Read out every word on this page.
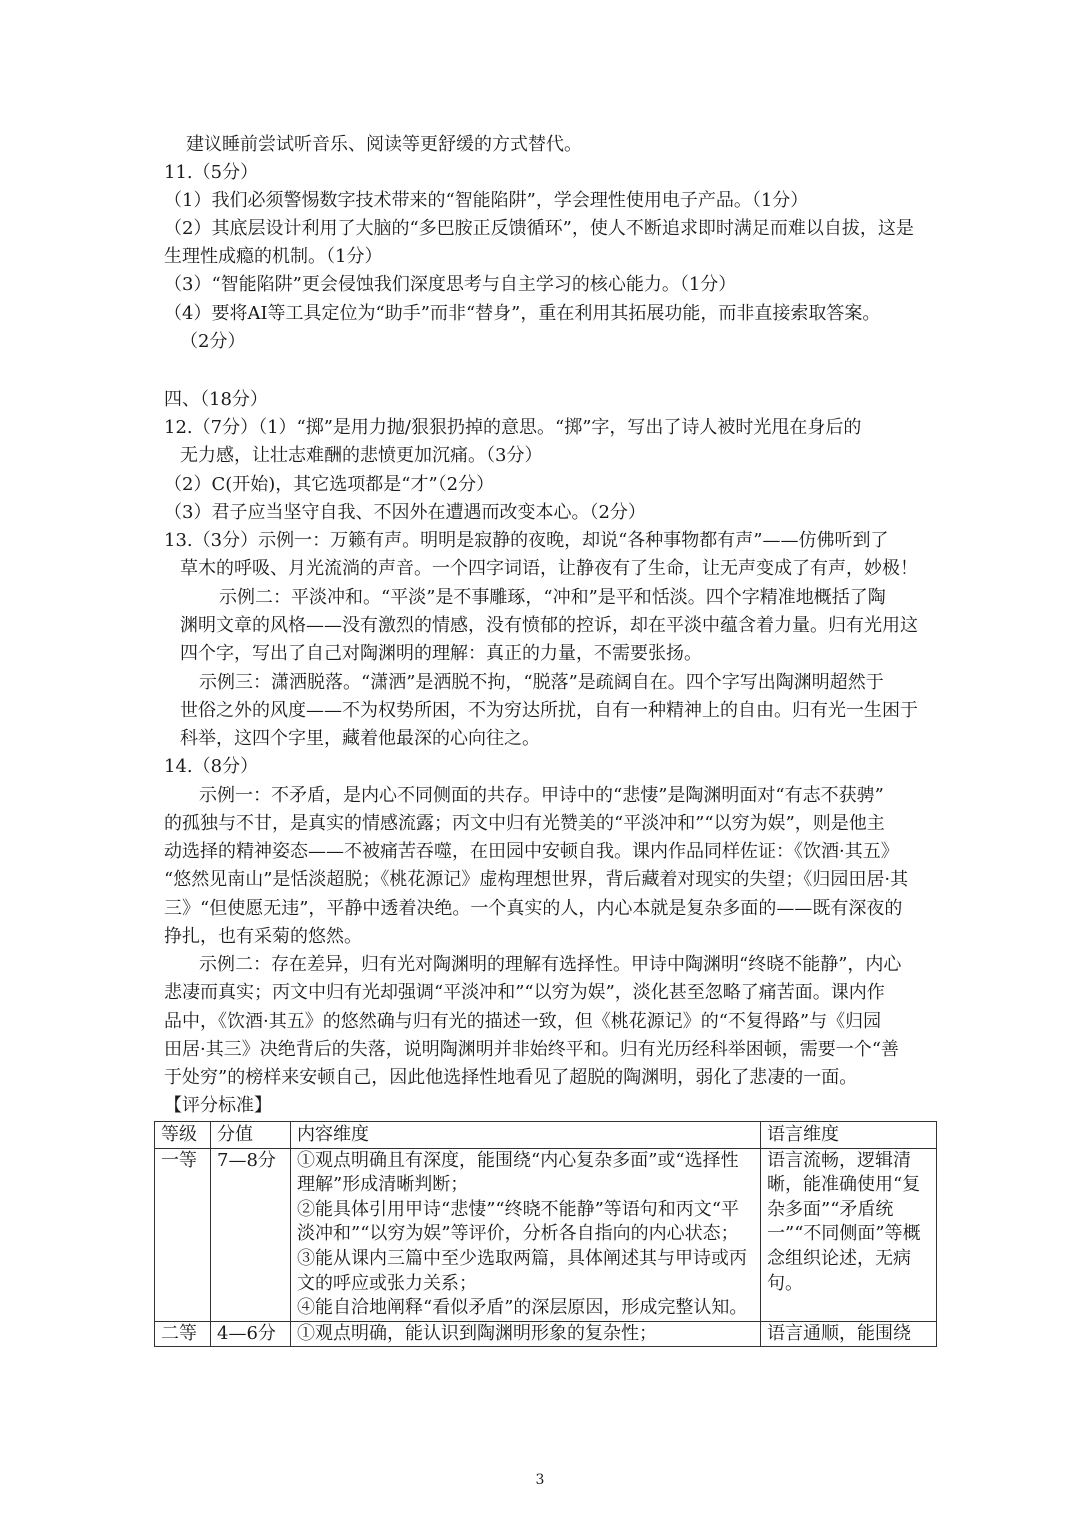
建议睡前尝试听音乐、阅读等更舒缓的方式替代。
11.（5分）
（1）我们必须警惕数字技术带来的“智能陷阱”，学会理性使用电子产品。（1分）
（2）其底层设计利用了大脑的“多巴胺正反馈循环”，使人不断追求即时满足而难以自拔，这是
生理性成瘾的机制。（1分）
（3）“智能陷阱”更会侵蚀我们深度思考与自主学习的核心能力。（1分）
（4）要将AI等工具定位为“助手”而非“替身”，重在利用其拓展功能，而非直接索取答案。
（2分）
四、（18分）
12.（7分）（1）“掷”是用力抛/狠狠扔掉的意思。“掷”字，写出了诗人被时光甩在身后的
无力感，让壮志难酬的悲愤更加沉痛。（3分）
（2）C(开始)，其它选项都是“才”（2分）
（3）君子应当坚守自我、不因外在遭遇而改变本心。（2分）
13.（3分）示例一：万籁有声。明明是寂静的夜晚，却说“各种事物都有声”——仿佛听到了
草木的呼吸、月光流淌的声音。一个四字词语，让静夜有了生命，让无声变成了有声，妙极！
示例二：平淡冲和。“平淡”是不事雕琢，“冲和”是平和恬淡。四个字精准地概括了陶
渊明文章的风格——没有激烈的情感，没有愤郁的控诉，却在平淡中蕴含着力量。归有光用这
四个字，写出了自己对陶渊明的理解：真正的力量，不需要张扬。
示例三：潇洒脱落。“潇洒”是洒脱不拘，“脱落”是疏阔自在。四个字写出陶渊明超然于
世俗之外的风度——不为权势所困，不为穷达所扰，自有一种精神上的自由。归有光一生困于
科举，这四个字里，藏着他最深的心向往之。
14.（8分）
示例一：不矛盾，是内心不同侧面的共存。甲诗中的“悲悽”是陶渊明面对“有志不获骋”
的孤独与不甘，是真实的情感流露；丙文中归有光赞美的“平淡冲和”“以穷为娱”，则是他主
动选择的精神姿态——不被痛苦吞噬，在田园中安顿自我。课内作品同样佐证：《饮酒·其五》
“悠然见南山”是恬淡超脱；《桃花源记》虚构理想世界，背后藏着对现实的失望；《归园田居·其
三》“但使愿无违”，平静中透着决绝。一个真实的人，内心本就是复杂多面的——既有深夜的
挣扎，也有采菊的悠然。
示例二：存在差异，归有光对陶渊明的理解有选择性。甲诗中陶渊明“终晓不能静”，内心
悲凄而真实；丙文中归有光却强调“平淡冲和”“以穷为娱”，淡化甚至忽略了痛苦面。课内作
品中，《饮酒·其五》的悠然确与归有光的描述一致，但《桃花源记》的“不复得路”与《归园
田居·其三》决绝背后的失落，说明陶渊明并非始终平和。归有光历经科举困顿，需要一个“善
于处穷”的榜样来安顿自己，因此他选择性地看见了超脱的陶渊明，弱化了悲凄的一面。
【评分标准】
等级	分值	内容维度	语言维度
一等	7—8分	①观点明确且有深度，能围绕“内心复杂多面”或“选择性理解”形成清晰判断；
②能具体引用甲诗“悲悽”“终晓不能静”等语句和丙文“平淡冲和”“以穷为娱”等评价，分析各自指向的内心状态；
③能从课内三篇中至少选取两篇，具体阐述其与甲诗或丙文的呼应或张力关系；
④能自洽地阐释“看似矛盾”的深层原因，形成完整认知。	语言流畅，逻辑清晰，能准确使用“复杂多面”“矛盾统一”“不同侧面”等概念组织论述，无病句。
二等	4—6分	①观点明确，能认识到陶渊明形象的复杂性；	语言通顺，能围绕
3
